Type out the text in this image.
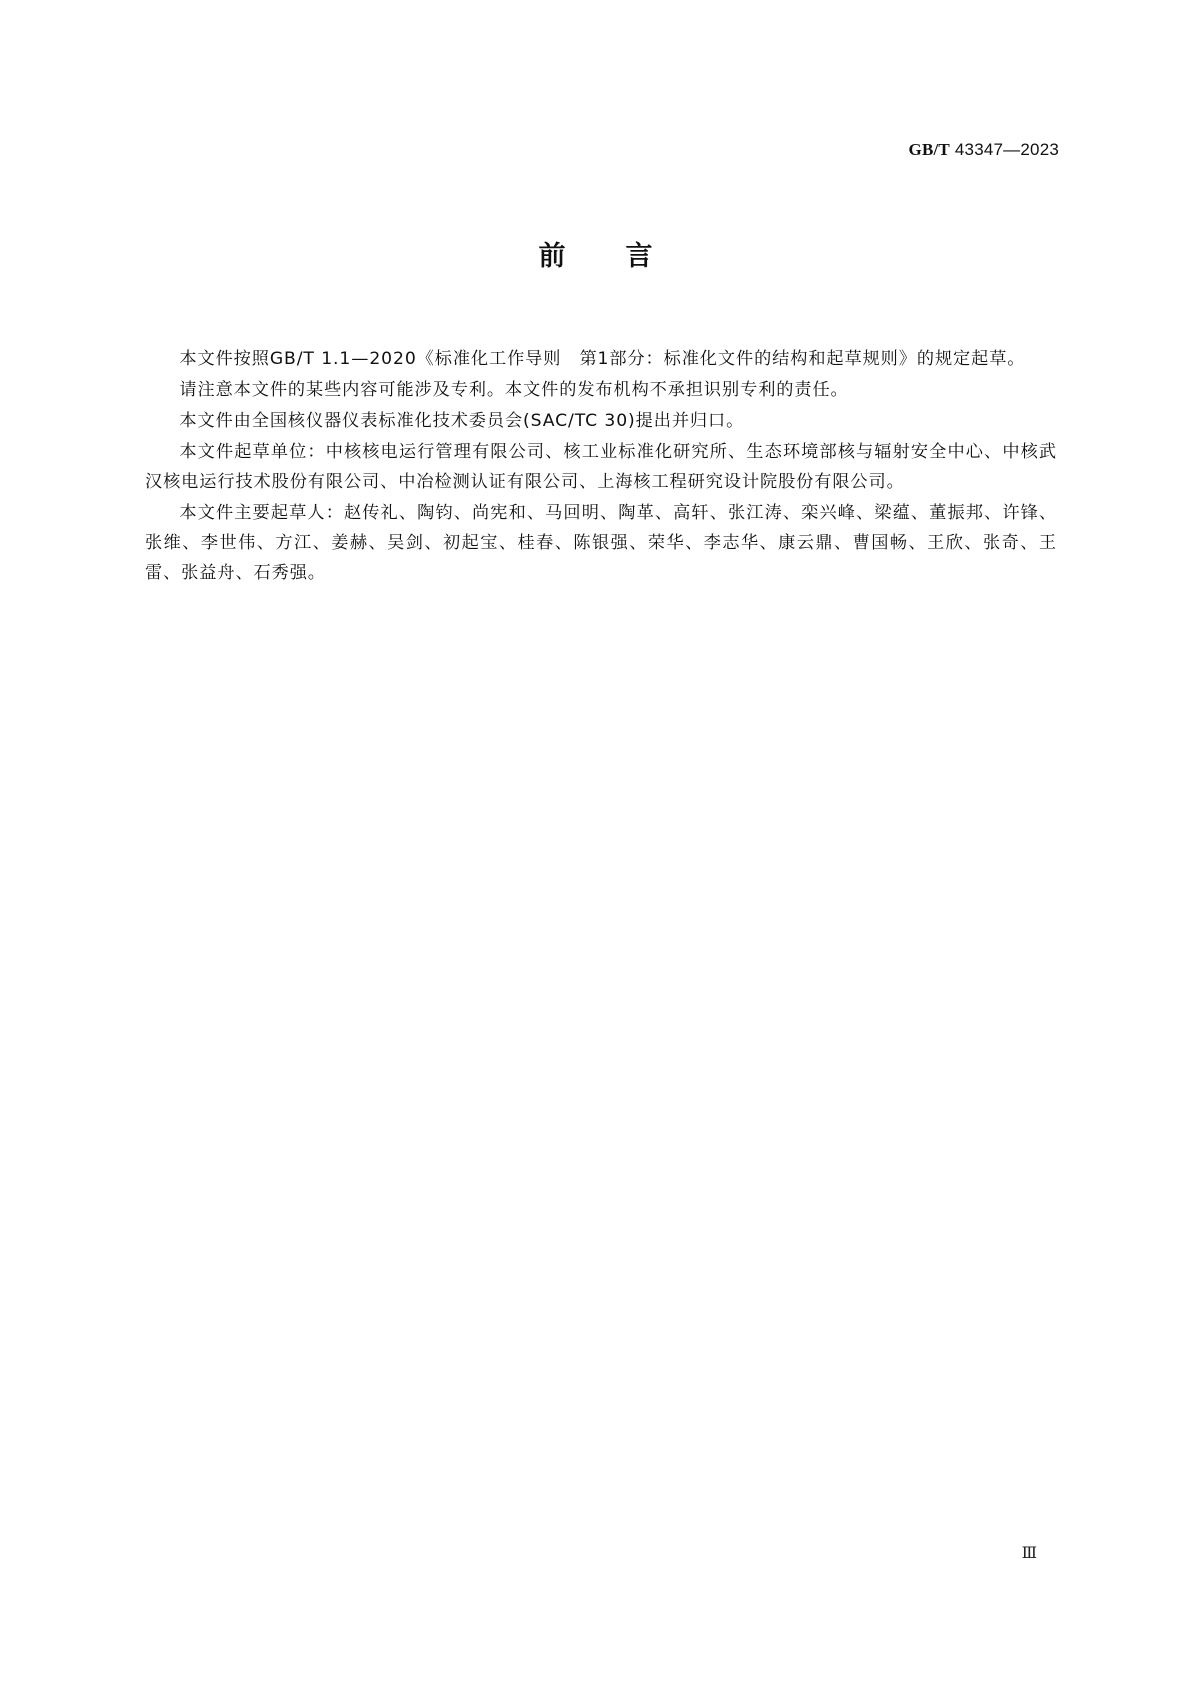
GB/T 43347—2023
前 言

本文件按照GB/T 1.1—2020《标准化工作导则　第1部分：标准化文件的结构和起草规则》的规定起草。

请注意本文件的某些内容可能涉及专利。本文件的发布机构不承担识别专利的责任。

本文件由全国核仪器仪表标准化技术委员会(SAC/TC 30)提出并归口。

本文件起草单位：中核核电运行管理有限公司、核工业标准化研究所、生态环境部核与辐射安全中心、中核武汉核电运行技术股份有限公司、中冶检测认证有限公司、上海核工程研究设计院股份有限公司。

本文件主要起草人：赵传礼、陶钧、尚宪和、马回明、陶革、高轩、张江涛、栾兴峰、梁蕴、董振邦、许锋、张维、李世伟、方江、姜赫、吴剑、初起宝、桂春、陈银强、荣华、李志华、康云鼎、曹国畅、王欣、张奇、王雷、张益舟、石秀强。

Ⅲ
